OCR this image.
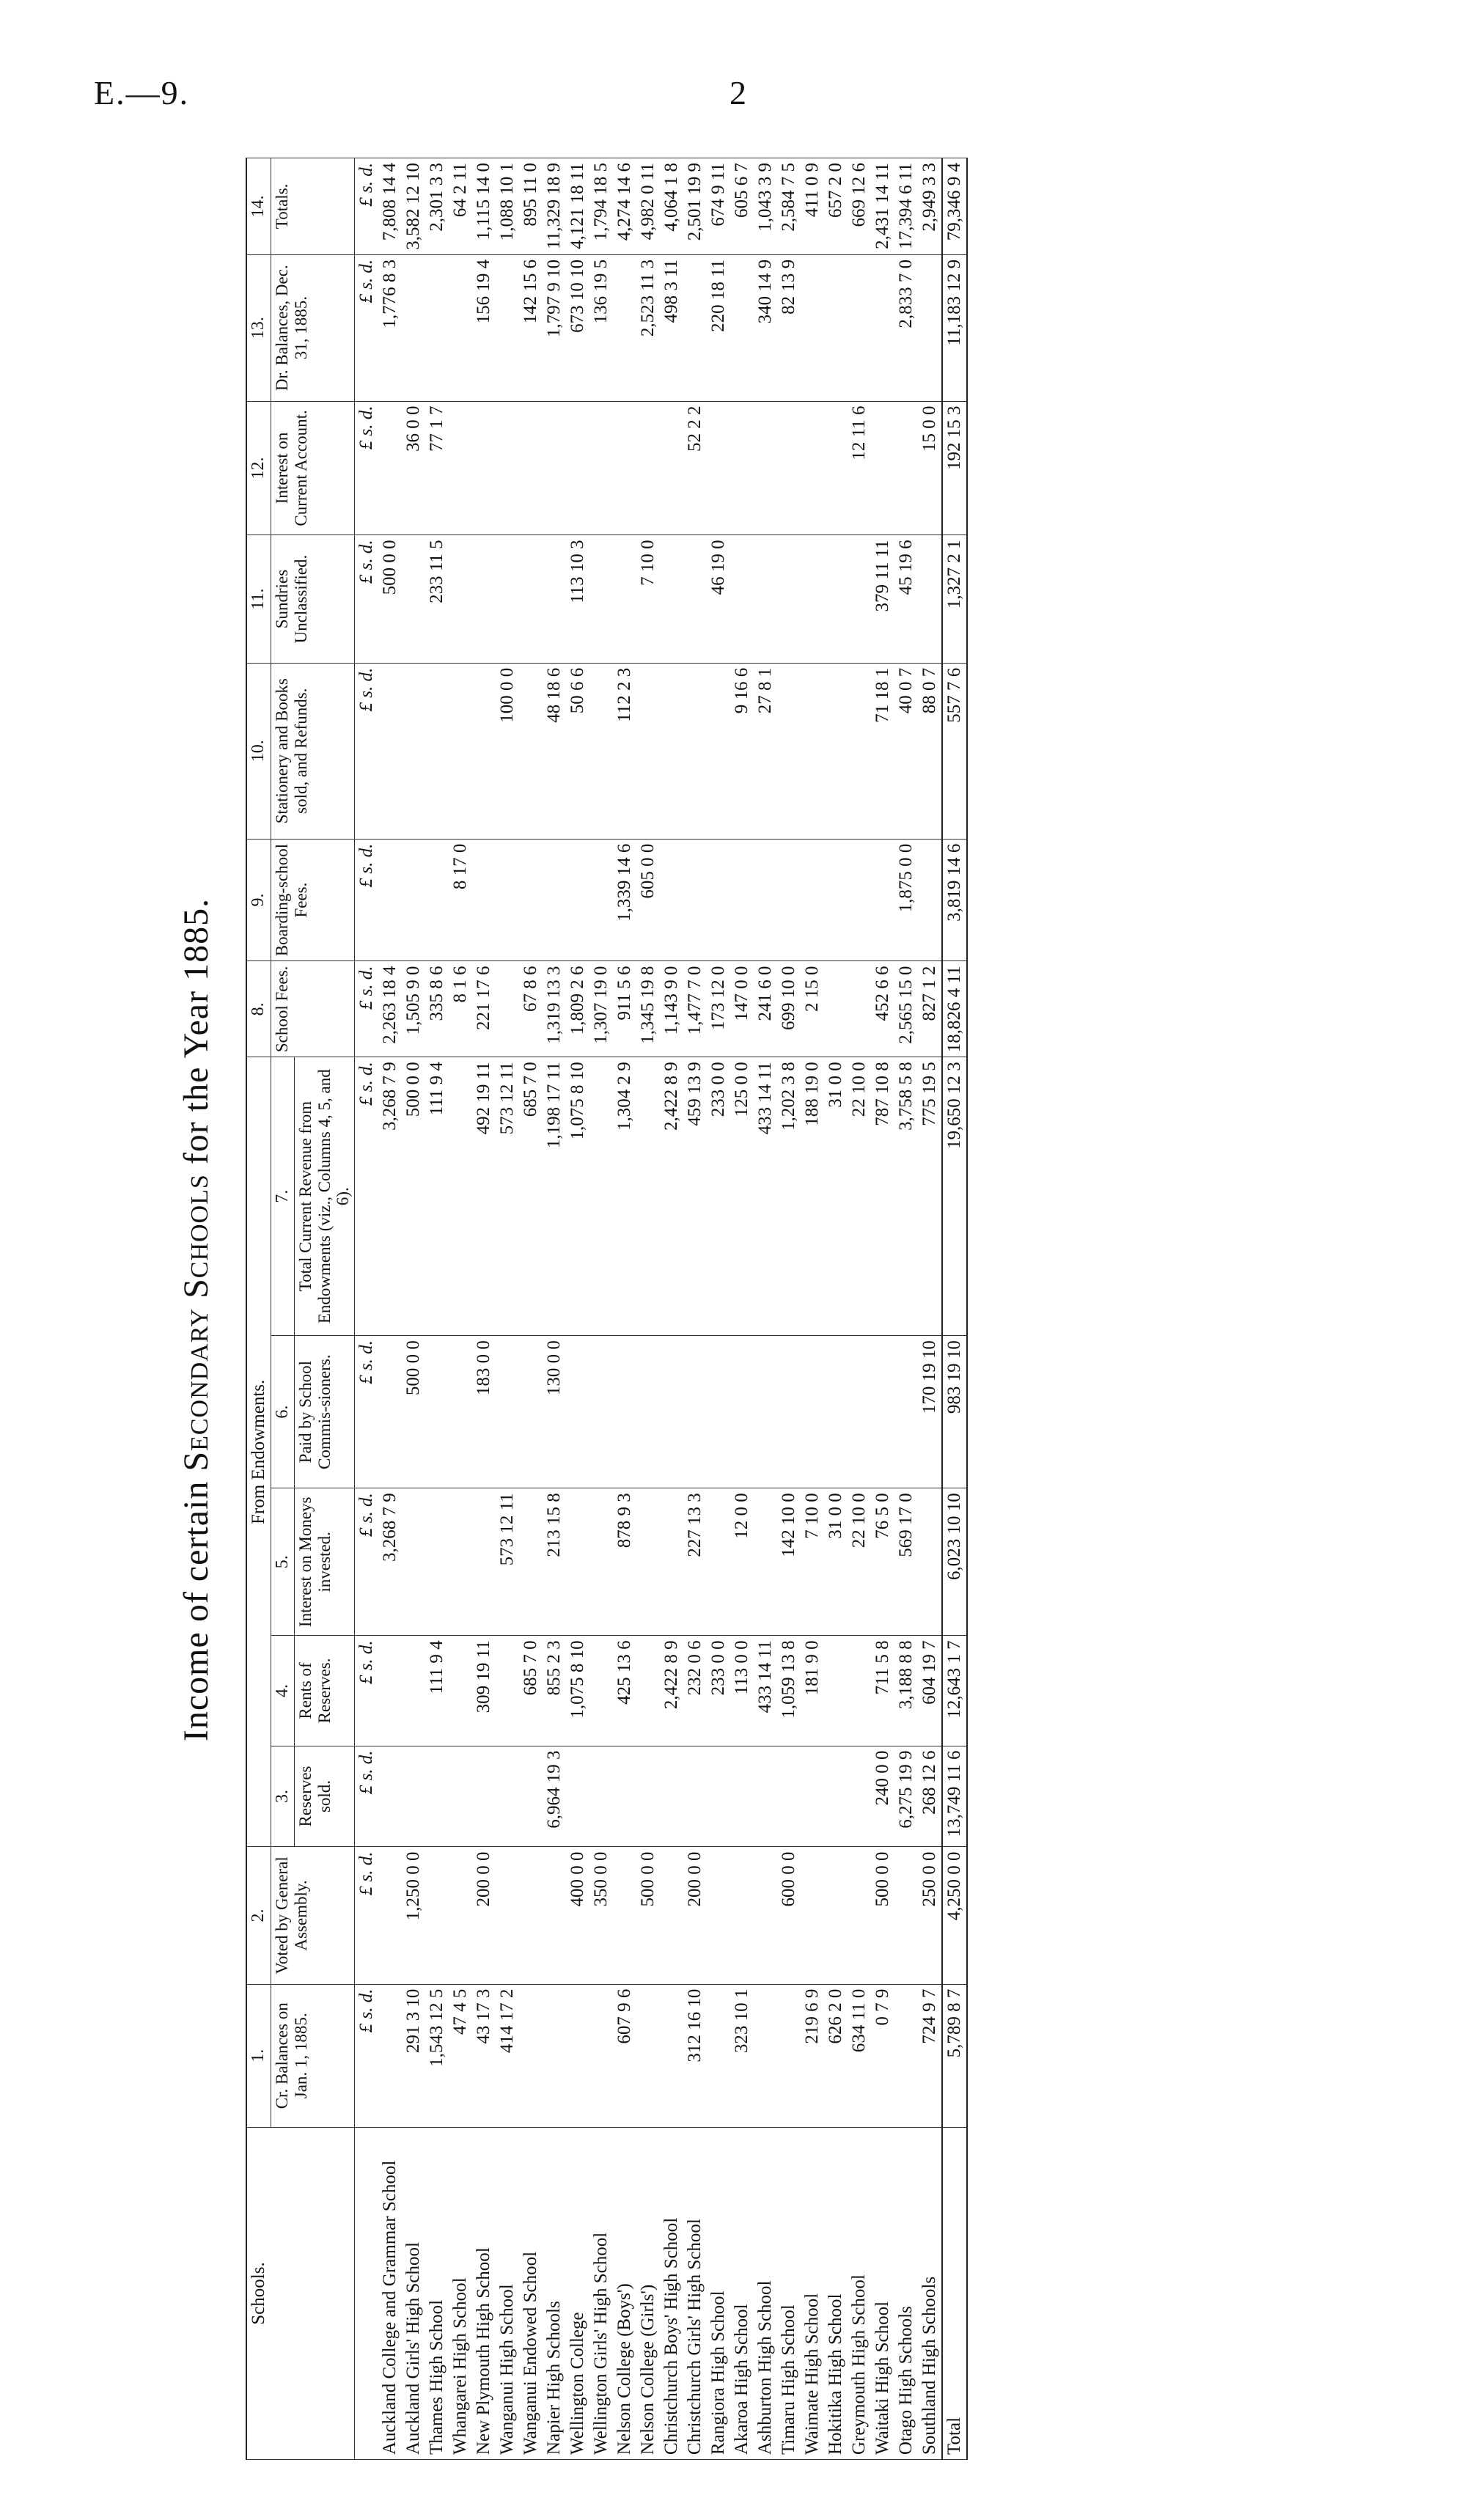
E.—9.	2
Income of certain Secondary Schools for the Year 1885.
Schools.	1.	2.	From Endowments.					8.	9.	10.	11.	12.	13.	14.
	Cr. Balances on Jan. 1, 1885.	Voted by General Assembly.	3.	4.	5.	6.	7.	School Fees.	Boarding-school Fees.	Stationery and Books sold, and Refunds.	Sundries Unclassified.	Interest on Current Account.	Dr. Balances, Dec. 31, 1885.	Totals.
			Reserves sold.	Rents of Reserves.	Interest on Moneys invested.	Paid by School Commis-sioners.	Total Current Revenue from Endowments (viz., Columns 4, 5, and 6).							
	£ s. d.	£ s. d.	£ s. d.	£ s. d.	£ s. d.	£ s. d.	£ s. d.	£ s. d.	£ s. d.	£ s. d.	£ s. d.	£ s. d.	£ s. d.	£ s. d.
Auckland College and Grammar School					3,268 7 9		3,268 7 9	2,263 18 4			500 0 0		1,776 8 3	7,808 14 4
Auckland Girls' High School	291 3 10	1,250 0 0				500 0 0	500 0 0	1,505 9 0				36 0 0		3,582 12 10
Thames High School	1,543 12 5			111 9 4			111 9 4	335 8 6			233 11 5	77 1 7		2,301 3 3
Whangarei High School	47 4 5							8 1 6	8 17 0					64 2 11
New Plymouth High School	43 17 3	200 0 0		309 19 11		183 0 0	492 19 11	221 17 6					156 19 4	1,115 14 0
Wanganui High School	414 17 2				573 12 11		573 12 11			100 0 0				1,088 10 1
Wanganui Endowed School				685 7 0			685 7 0	67 8 6					142 15 6	895 11 0
Napier High Schools			6,964 19 3	855 2 3	213 15 8	130 0 0	1,198 17 11	1,319 13 3		48 18 6			1,797 9 10	11,329 18 9
Wellington College		400 0 0		1,075 8 10			1,075 8 10	1,809 2 6		50 6 6	113 10 3		673 10 10	4,121 18 11
Wellington Girls' High School		350 0 0						1,307 19 0					136 19 5	1,794 18 5
Nelson College (Boys')	607 9 6			425 13 6	878 9 3		1,304 2 9	911 5 6	1,339 14 6	112 2 3				4,274 14 6
Nelson College (Girls')		500 0 0						1,345 19 8	605 0 0		7 10 0		2,523 11 3	4,982 0 11
Christchurch Boys' High School				2,422 8 9			2,422 8 9	1,143 9 0					498 3 11	4,064 1 8
Christchurch Girls' High School	312 16 10	200 0 0		232 0 6	227 13 3		459 13 9	1,477 7 0				52 2 2		2,501 19 9
Rangiora High School				233 0 0			233 0 0	173 12 0			46 19 0		220 18 11	674 9 11
Akaroa High School	323 10 1			113 0 0	12 0 0		125 0 0	147 0 0		9 16 6				605 6 7
Ashburton High School				433 14 11			433 14 11	241 6 0		27 8 1			340 14 9	1,043 3 9
Timaru High School		600 0 0		1,059 13 8	142 10 0		1,202 3 8	699 10 0					82 13 9	2,584 7 5
Waimate High School	219 6 9			181 9 0	7 10 0		188 19 0	2 15 0						411 0 9
Hokitika High School	626 2 0				31 0 0		31 0 0							657 2 0
Greymouth High School	634 11 0				22 10 0		22 10 0					12 11 6		669 12 6
Waitaki High School	0 7 9	500 0 0	240 0 0	711 5 8	76 5 0		787 10 8	452 6 6		71 18 1	379 11 11			2,431 14 11
Otago High Schools			6,275 19 9	3,188 8 8	569 17 0		3,758 5 8	2,565 15 0	1,875 0 0	40 0 7	45 19 6		2,833 7 0	17,394 6 11
Southland High Schools	724 9 7	250 0 0	268 12 6	604 19 7		170 19 10	775 19 5	827 1 2		88 0 7		15 0 0		2,949 3 3
Total	5,789 8 7	4,250 0 0	13,749 11 6	12,643 1 7	6,023 10 10	983 19 10	19,650 12 3	18,826 4 11	3,819 14 6	557 7 6	1,327 2 1	192 15 3	11,183 12 9	79,346 9 4
